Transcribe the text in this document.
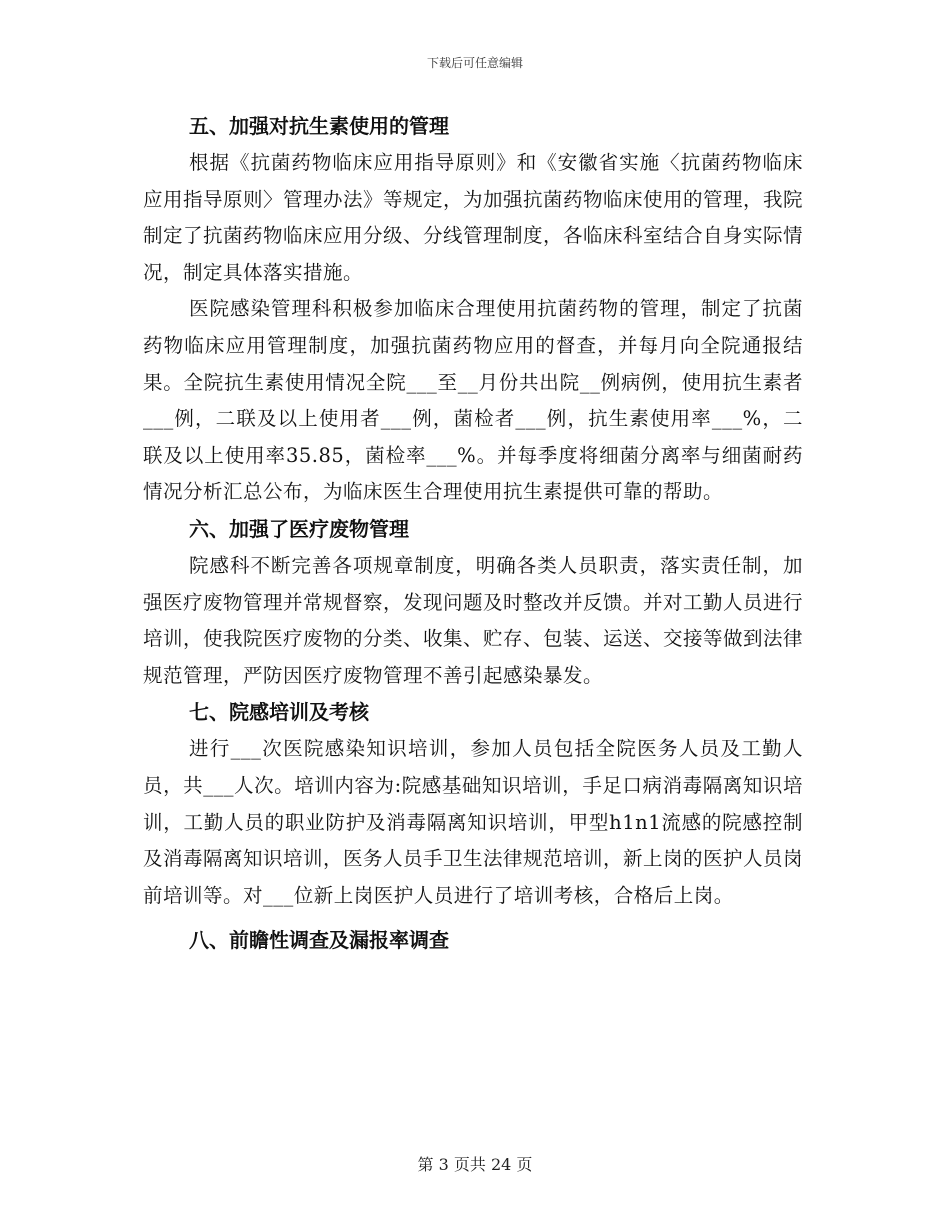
下载后可任意编辑
五、加强对抗生素使用的管理

根据《抗菌药物临床应用指导原则》和《安徽省实施〈抗菌药物临床应用指导原则〉管理办法》等规定，为加强抗菌药物临床使用的管理，我院制定了抗菌药物临床应用分级、分线管理制度，各临床科室结合自身实际情况，制定具体落实措施。

医院感染管理科积极参加临床合理使用抗菌药物的管理，制定了抗菌药物临床应用管理制度，加强抗菌药物应用的督查，并每月向全院通报结果。全院抗生素使用情况全院___至__月份共出院__例病例，使用抗生素者___例，二联及以上使用者___例，菌检者___例，抗生素使用率___%，二联及以上使用率35.85，菌检率___%。并每季度将细菌分离率与细菌耐药情况分析汇总公布，为临床医生合理使用抗生素提供可靠的帮助。

六、加强了医疗废物管理

院感科不断完善各项规章制度，明确各类人员职责，落实责任制，加强医疗废物管理并常规督察，发现问题及时整改并反馈。并对工勤人员进行培训，使我院医疗废物的分类、收集、贮存、包装、运送、交接等做到法律规范管理，严防因医疗废物管理不善引起感染暴发。

七、院感培训及考核

进行___次医院感染知识培训，参加人员包括全院医务人员及工勤人员，共___人次。培训内容为:院感基础知识培训，手足口病消毒隔离知识培训，工勤人员的职业防护及消毒隔离知识培训，甲型h1n1流感的院感控制及消毒隔离知识培训，医务人员手卫生法律规范培训，新上岗的医护人员岗前培训等。对___位新上岗医护人员进行了培训考核，合格后上岗。

八、前瞻性调查及漏报率调查
第 3 页共 24 页
